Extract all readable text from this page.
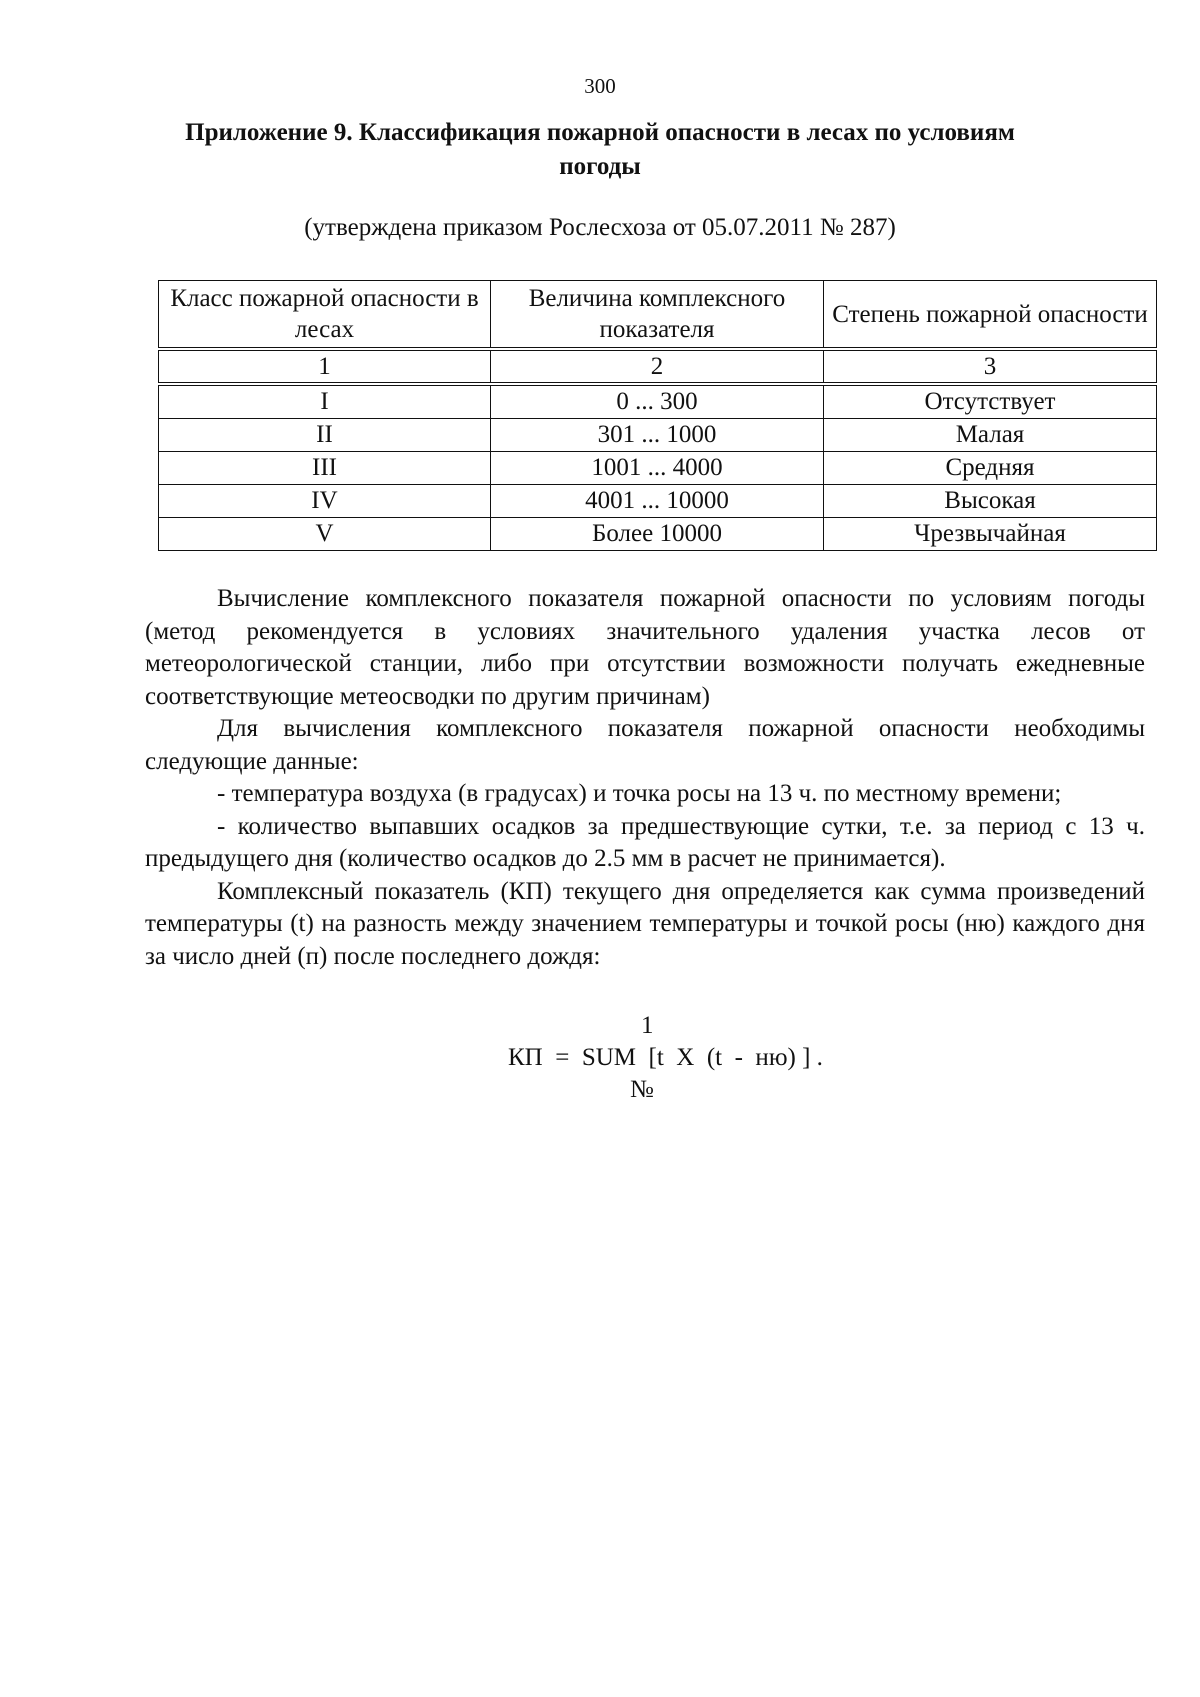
300
Приложение 9. Классификация пожарной опасности в лесах по условиям погоды
(утверждена приказом Рослесхоза от 05.07.2011 № 287)
Класс пожарной опасности в лесах	Величина комплексного показателя	Степень пожарной опасности
1	2	3
I	0 ... 300	Отсутствует
II	301 ... 1000	Малая
III	1001 ... 4000	Средняя
IV	4001 ... 10000	Высокая
V	Более 10000	Чрезвычайная

Вычисление комплексного показателя пожарной опасности по условиям погоды (метод рекомендуется в условиях значительного удаления участка лесов от метеорологической станции, либо при отсутствии возможности получать ежедневные соответствующие метеосводки по другим причинам)

Для вычисления комплексного показателя пожарной опасности необходимы следующие данные:

- температура воздуха (в градусах) и точка росы на 13 ч. по местному времени;

- количество выпавших осадков за предшествующие сутки, т.е. за период с 13 ч. предыдущего дня (количество осадков до 2.5 мм в расчет не принимается).

Комплексный показатель (КП) текущего дня определяется как сумма произведений температуры (t) на разность между значением температуры и точкой росы (ню) каждого дня за число дней (п) после последнего дождя:

1
КП  =  SUM  [t  X  (t  -  ню) ] .
№
